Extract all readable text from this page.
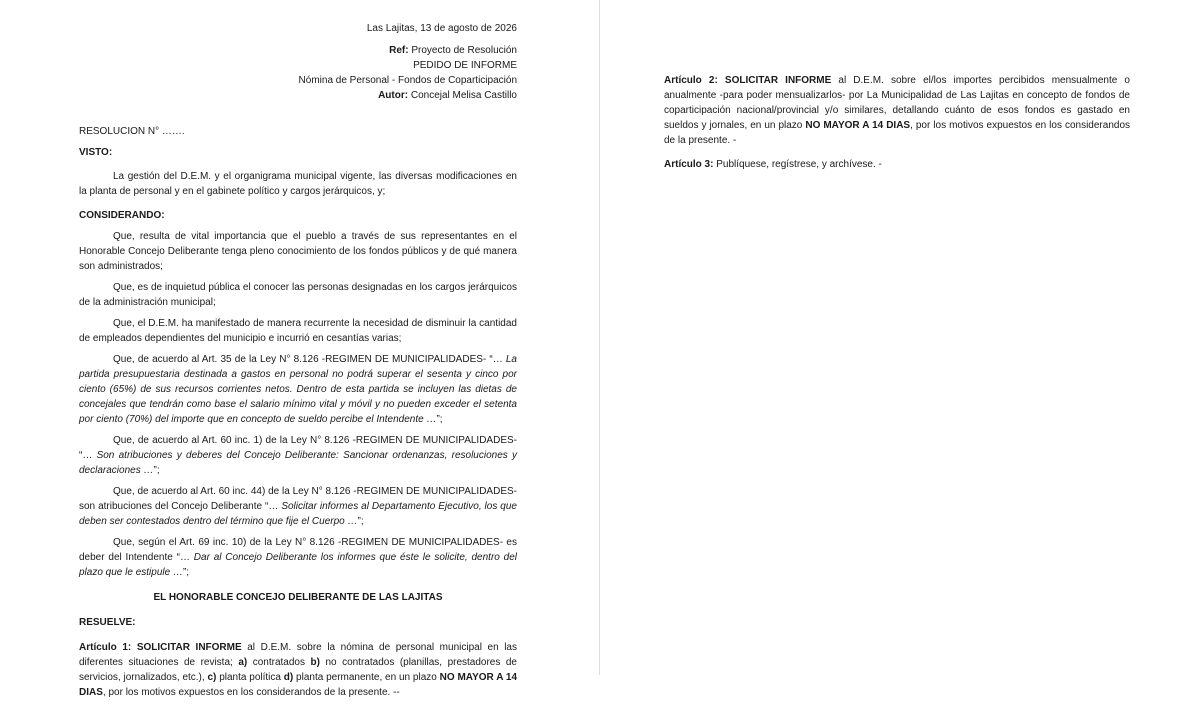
Las Lajitas, 13 de agosto de 2026
Ref: Proyecto de Resolución
PEDIDO DE INFORME
Nómina de Personal - Fondos de Coparticipación
Autor: Concejal Melisa Castillo

RESOLUCION N° …….

VISTO:

La gestión del D.E.M. y el organigrama municipal vigente, las diversas modificaciones en la planta de personal y en el gabinete político y cargos jerárquicos, y;

CONSIDERANDO:

Que, resulta de vital importancia que el pueblo a través de sus representantes en el Honorable Concejo Deliberante tenga pleno conocimiento de los fondos públicos y de qué manera son administrados;

Que, es de inquietud pública el conocer las personas designadas en los cargos jerárquicos de la administración municipal;

Que, el D.E.M. ha manifestado de manera recurrente la necesidad de disminuir la cantidad de empleados dependientes del municipio e incurrió en cesantías varias;

Que, de acuerdo al Art. 35 de la Ley N° 8.126 -REGIMEN DE MUNICIPALIDADES- “… La partida presupuestaria destinada a gastos en personal no podrá superar el sesenta y cinco por ciento (65%) de sus recursos corrientes netos. Dentro de esta partida se incluyen las dietas de concejales que tendrán como base el salario mínimo vital y móvil y no pueden exceder el setenta por ciento (70%) del importe que en concepto de sueldo percibe el Intendente …”;

Que, de acuerdo al Art. 60 inc. 1) de la Ley N° 8.126 -REGIMEN DE MUNICIPALIDADES- “… Son atribuciones y deberes del Concejo Deliberante: Sancionar ordenanzas, resoluciones y declaraciones …”;

Que, de acuerdo al Art. 60 inc. 44) de la Ley N° 8.126 -REGIMEN DE MUNICIPALIDADES- son atribuciones del Concejo Deliberante “… Solicitar informes al Departamento Ejecutivo, los que deben ser contestados dentro del término que fije el Cuerpo …”;

Que, según el Art. 69 inc. 10) de la Ley N° 8.126 -REGIMEN DE MUNICIPALIDADES- es deber del Intendente “… Dar al Concejo Deliberante los informes que éste le solicite, dentro del plazo que le estipule …”;

EL HONORABLE CONCEJO DELIBERANTE DE LAS LAJITAS

RESUELVE:

Artículo 1: SOLICITAR INFORME al D.E.M. sobre la nómina de personal municipal en las diferentes situaciones de revista; a) contratados b) no contratados (planillas, prestadores de servicios, jornalizados, etc.), c) planta política d) planta permanente, en un plazo NO MAYOR A 14 DIAS, por los motivos expuestos en los considerandos de la presente. --

Artículo 2: SOLICITAR INFORME al D.E.M. sobre el/los importes percibidos mensualmente o anualmente -para poder mensualizarlos- por La Municipalidad de Las Lajitas en concepto de fondos de coparticipación nacional/provincial y/o similares, detallando cuánto de esos fondos es gastado en sueldos y jornales, en un plazo NO MAYOR A 14 DIAS, por los motivos expuestos en los considerandos de la presente. -

Artículo 3: Publíquese, regístrese, y archívese. -
